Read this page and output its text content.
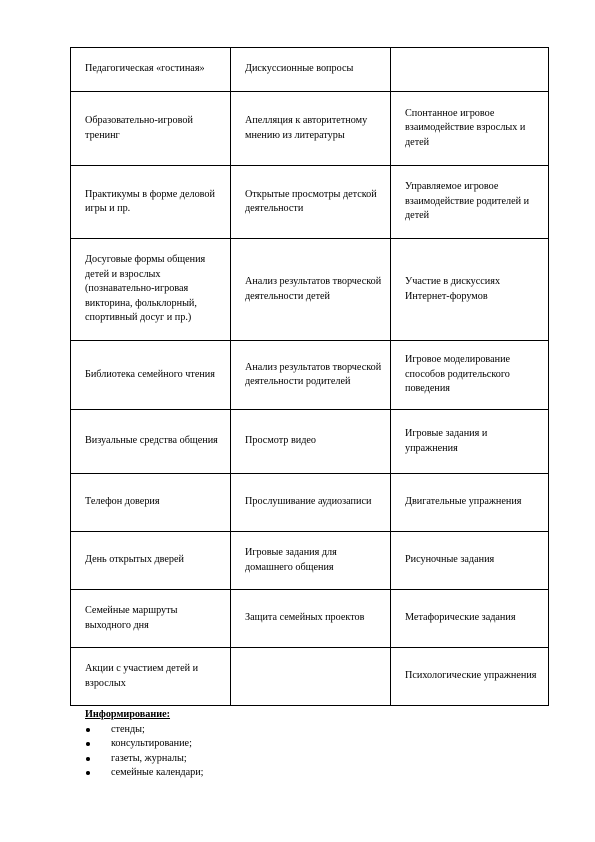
Педагогическая «гостиная»	Дискуссионные вопросы	
Образовательно-игровой тренинг	Апелляция к авторитетному мнению из литературы	Спонтанное игровое взаимодействие взрослых и детей
Практикумы в форме деловой игры и пр.	Открытые просмотры детской деятельности	Управляемое игровое взаимодействие родителей и детей
Досуговые формы общения детей и взрослых (познавательно-игровая викторина, фольклорный, спортивный досуг и пр.)	Анализ результатов творческой деятельности детей	Участие в дискуссиях Интернет-форумов
Библиотека семейного чтения	Анализ результатов творческой деятельности родителей	Игровое моделирование способов родительского поведения
Визуальные средства общения	Просмотр видео	Игровые задания и упражнения
Телефон доверия	Прослушивание аудиозаписи	Двигательные упражнения
День открытых дверей	Игровые задания для домашнего общения	Рисуночные задания
Семейные маршруты выходного дня	Защита семейных проектов	Метафорические задания
Акции с участием детей и взрослых		Психологические упражнения
Информирование:
стенды;
консультирование;
газеты, журналы;
семейные календари;
